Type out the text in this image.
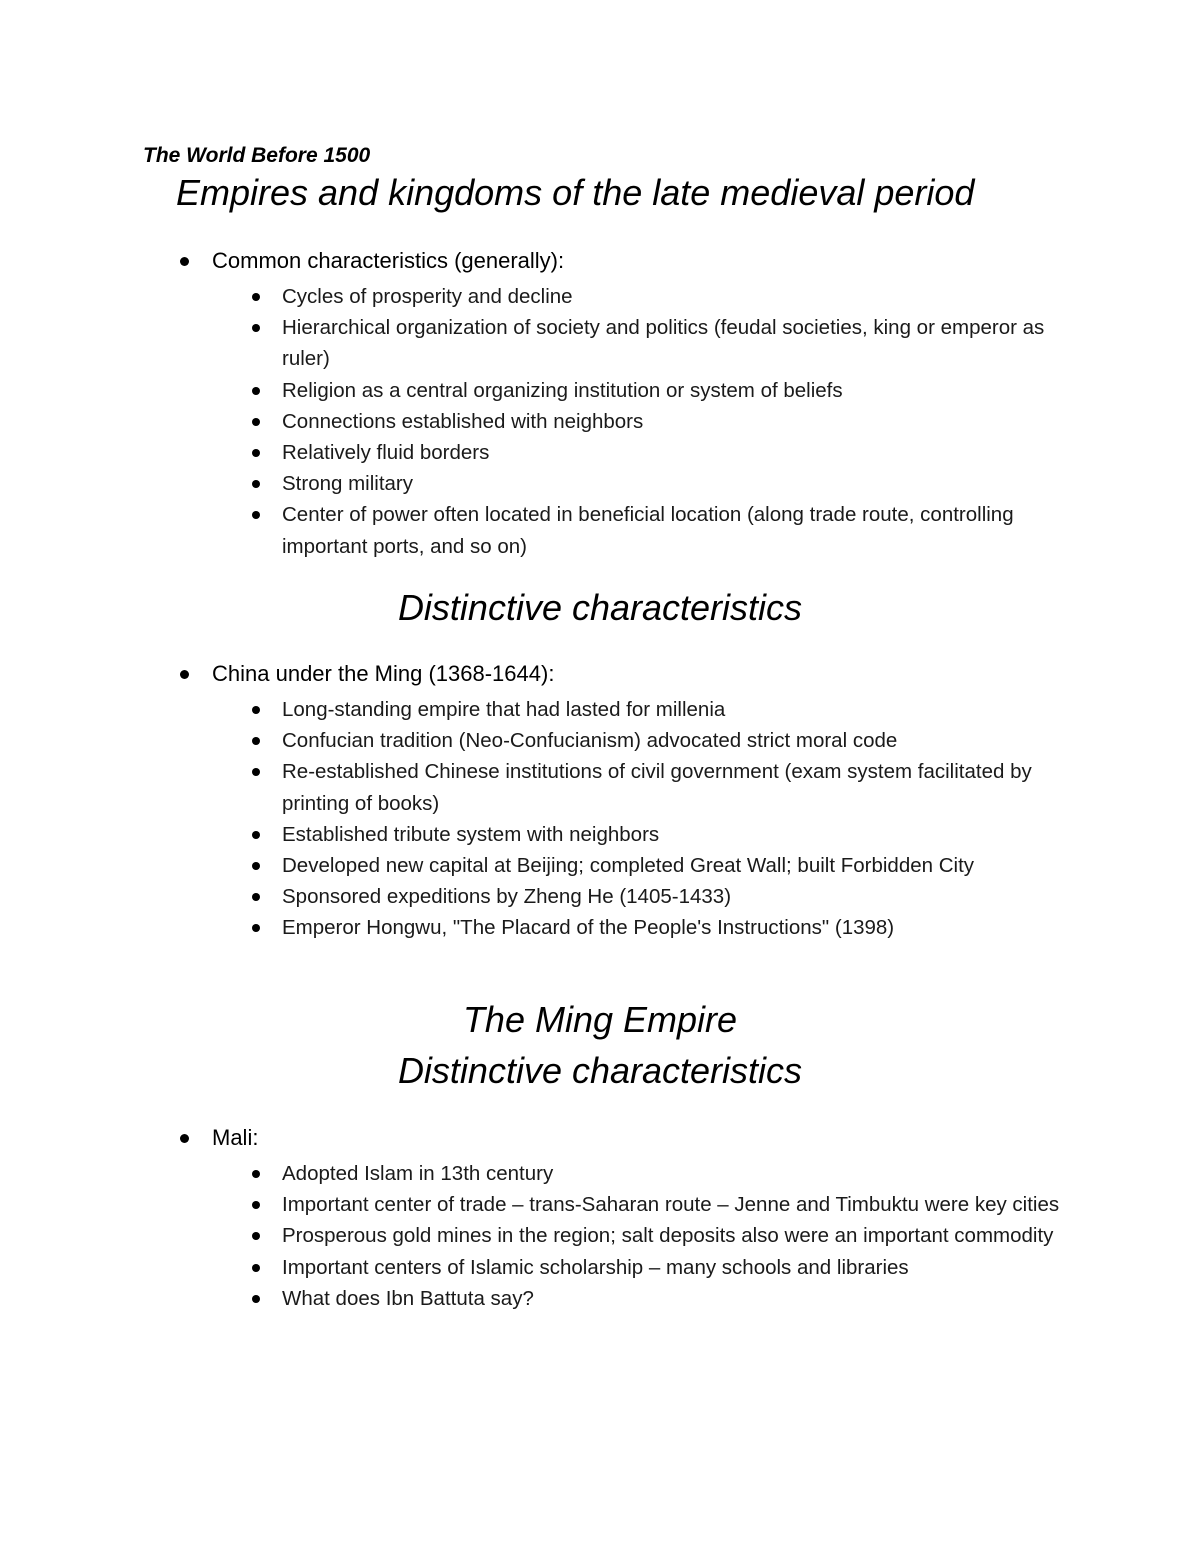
The World Before 1500
Empires and kingdoms of the late medieval period
Common characteristics (generally):
Cycles of prosperity and decline
Hierarchical organization of society and politics (feudal societies, king or emperor as ruler)
Religion as a central organizing institution or system of beliefs
Connections established with neighbors
Relatively fluid borders
Strong military
Center of power often located in beneficial location (along trade route, controlling important ports, and so on)
Distinctive characteristics
China under the Ming (1368-1644):
Long-standing empire that had lasted for millenia
Confucian tradition (Neo-Confucianism) advocated strict moral code
Re-established Chinese institutions of civil government (exam system facilitated by printing of books)
Established tribute system with neighbors
Developed new capital at Beijing; completed Great Wall; built Forbidden City
Sponsored expeditions by Zheng He (1405-1433)
Emperor Hongwu, "The Placard of the People's Instructions" (1398)
The Ming Empire
Distinctive characteristics
Mali:
Adopted Islam in 13th century
Important center of trade – trans-Saharan route – Jenne and Timbuktu were key cities
Prosperous gold mines in the region; salt deposits also were an important commodity
Important centers of Islamic scholarship – many schools and libraries
What does Ibn Battuta say?
